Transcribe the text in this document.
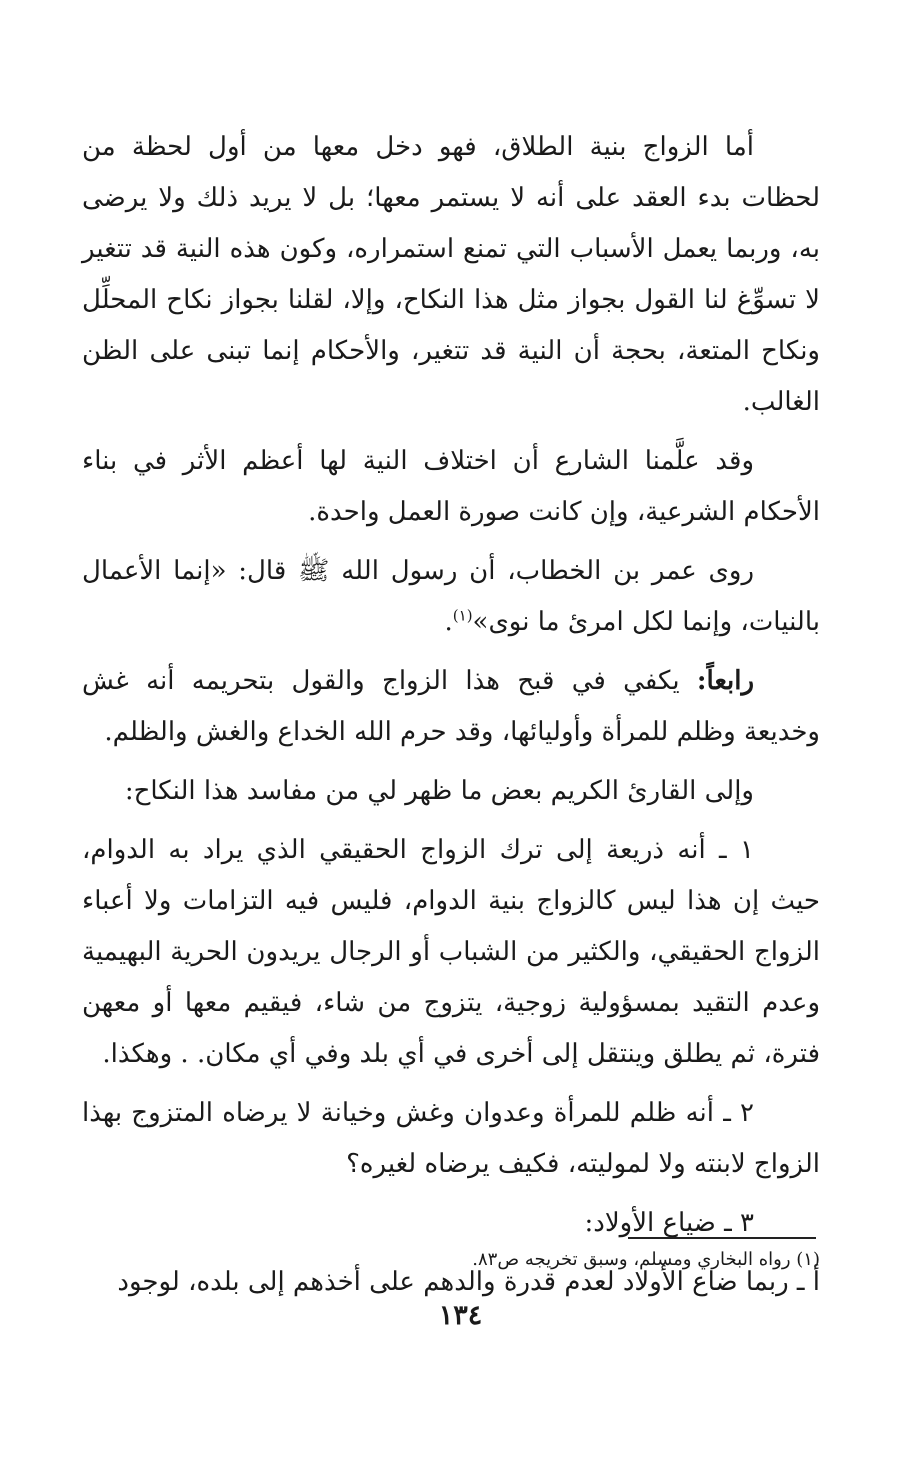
أما الزواج بنية الطلاق، فهو دخل معها من أول لحظة من لحظات بدء العقد على أنه لا يستمر معها؛ بل لا يريد ذلك ولا يرضى به، وربما يعمل الأسباب التي تمنع استمراره، وكون هذه النية قد تتغير لا تسوِّغ لنا القول بجواز مثل هذا النكاح، وإلا، لقلنا بجواز نكاح المحلِّل ونكاح المتعة، بحجة أن النية قد تتغير، والأحكام إنما تبنى على الظن الغالب.

وقد علَّمنا الشارع أن اختلاف النية لها أعظم الأثر في بناء الأحكام الشرعية، وإن كانت صورة العمل واحدة.

روى عمر بن الخطاب، أن رسول الله ﷺ قال: «إنما الأعمال بالنيات، وإنما لكل امرئ ما نوى»$^{(١)}$.

رابعاً: يكفي في قبح هذا الزواج والقول بتحريمه أنه غش وخديعة وظلم للمرأة وأوليائها، وقد حرم الله الخداع والغش والظلم.

وإلى القارئ الكريم بعض ما ظهر لي من مفاسد هذا النكاح:

١ ـ أنه ذريعة إلى ترك الزواج الحقيقي الذي يراد به الدوام، حيث إن هذا ليس كالزواج بنية الدوام، فليس فيه التزامات ولا أعباء الزواج الحقيقي، والكثير من الشباب أو الرجال يريدون الحرية البهيمية وعدم التقيد بمسؤولية زوجية، يتزوج من شاء، فيقيم معها أو معهن فترة، ثم يطلق وينتقل إلى أخرى في أي بلد وفي أي مكان. . وهكذا.

٢ ـ أنه ظلم للمرأة وعدوان وغش وخيانة لا يرضاه المتزوج بهذا الزواج لابنته ولا لموليته، فكيف يرضاه لغيره؟

٣ ـ ضياع الأولاد:

أ ـ ربما ضاع الأولاد لعدم قدرة والدهم على أخذهم إلى بلده، لوجود

(١) رواه البخاري ومسلم، وسبق تخريجه ص٨٣.
١٣٤
